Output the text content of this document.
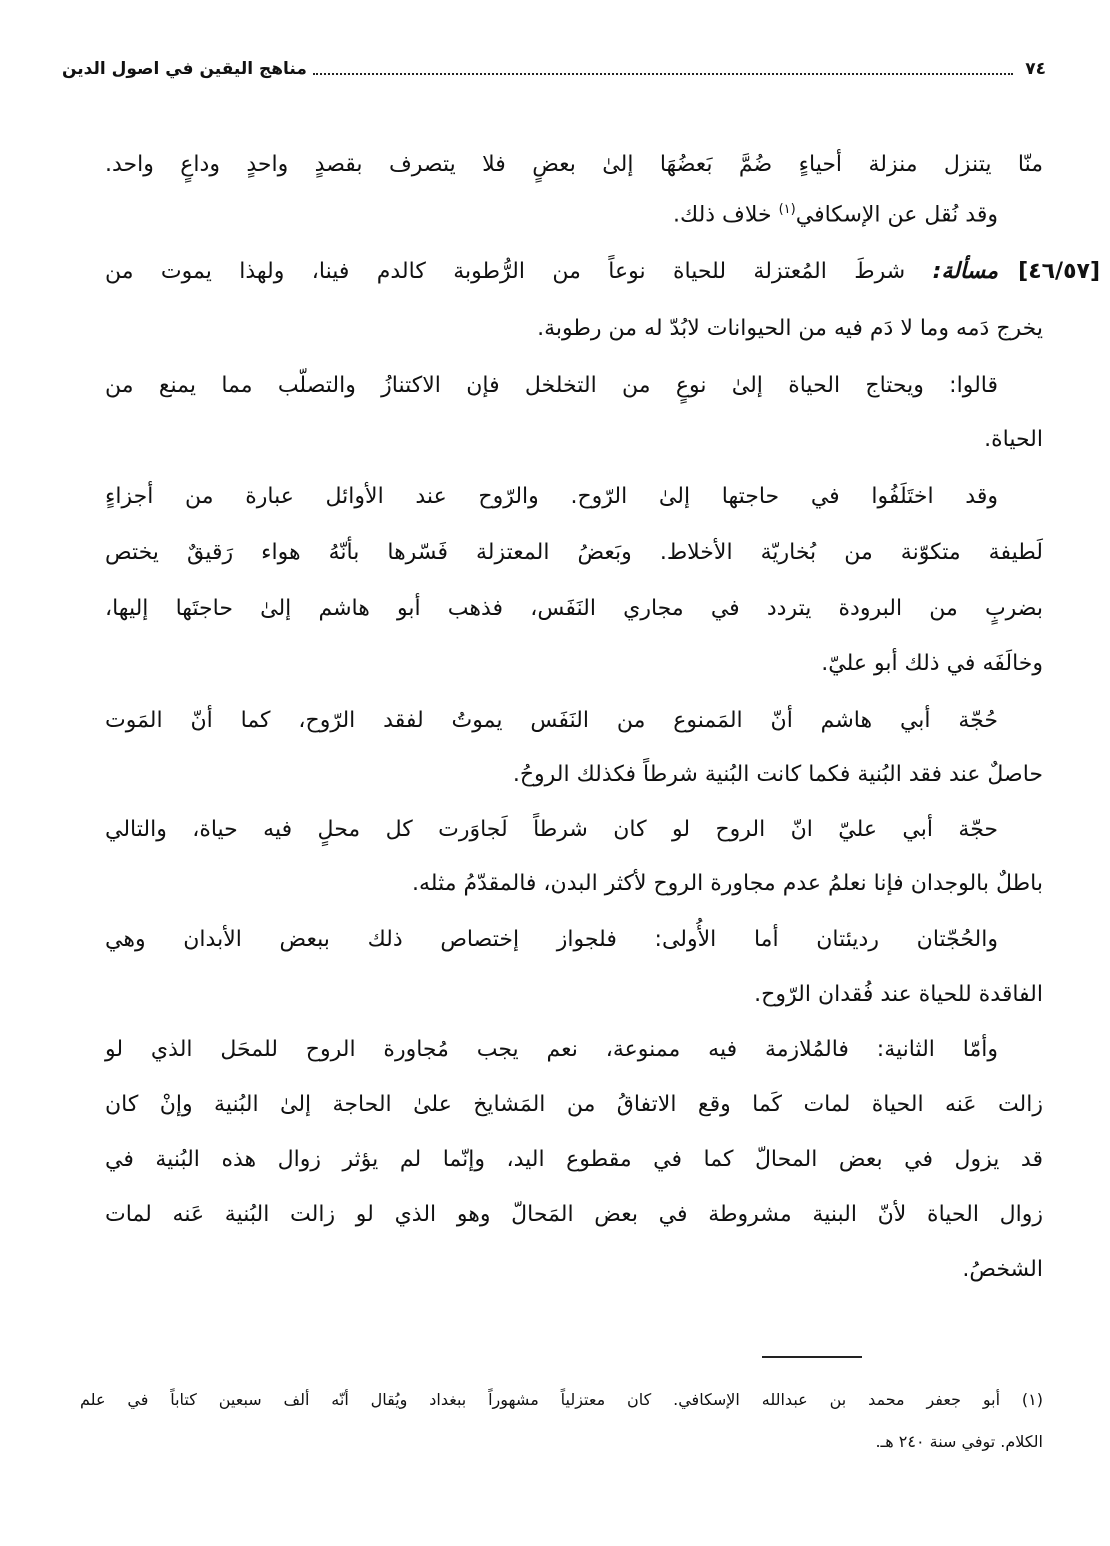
٧٤
مناهج اليقين في اصول الدين
[٤٦/٥٧]
منّا يتنزل منزلة أحياءٍ ضُمَّ بَعضُهَا إلىٰ بعضٍ فلا يتصرف بقصدٍ واحدٍ وداعٍ واحد.
وقد نُقل عن الإسكافي$^{(١)}$ خلاف ذلك.
مسألة: شرطَ المُعتزلة للحياة نوعاً من الرُّطوبة كالدم فينا، ولهذا يموت من
يخرج دَمه وما لا دَم فيه من الحيوانات لابُدّ له من رطوبة.
قالوا: ويحتاج الحياة إلىٰ نوعٍ من التخلخل فإن الاكتنازُ والتصلّب مما يمنع من
الحياة.
وقد اختَلَفُوا في حاجتها إلىٰ الرّوح. والرّوح عند الأوائل عبارة من أجزاءٍ
لَطيفة متكوّنة من بُخاريّة الأخلاط. وبَعضُ المعتزلة فَسّرها بأنّهُ هواء رَقيقٌ يختص
بضربٍ من البرودة يتردد في مجاري النَفَس، فذهب أبو هاشم إلىٰ حاجتَها إليها،
وخالَفَه في ذلك أبو عليّ.
حُجّة أبي هاشم أنّ المَمنوع من النَفَس يموتُ لفقد الرّوح، كما أنّ المَوت
حاصلٌ عند فقد البُنية فكما كانت البُنية شرطاً فكذلك الروحُ.
حجّة أبي عليّ انّ الروح لو كان شرطاً لَجاوَرت كل محلٍ فيه حياة، والتالي
باطلٌ بالوجدان فإنا نعلمُ عدم مجاورة الروح لأكثر البدن، فالمقدّمُ مثله.
والحُجّتان رديئتان أما الأُولى: فلجواز إختصاص ذلك ببعض الأبدان وهي
الفاقدة للحياة عند فُقدان الرّوح.
وأمّا الثانية: فالمُلازمة فيه ممنوعة، نعم يجب مُجاورة الروح للمحَل الذي لو
زالت عَنه الحياة لمات كَما وقع الاتفاقُ من المَشايخ علىٰ الحاجة إلىٰ البُنية وإنْ كان
قد يزول في بعض المحالّ كما في مقطوع اليد، وإنّما لم يؤثر زوال هذه البُنية في
زوال الحياة لأنّ البنية مشروطة في بعض المَحالّ وهو الذي لو زالت البُنية عَنه لمات
الشخصُ.
(١) أبو جعفر محمد بن عبدالله الإسكافي. كان معتزلياً مشهوراً ببغداد ويُقال أنّه ألف سبعين كتاباً في علم
الكلام. توفي سنة ٢٤٠ هـ.
